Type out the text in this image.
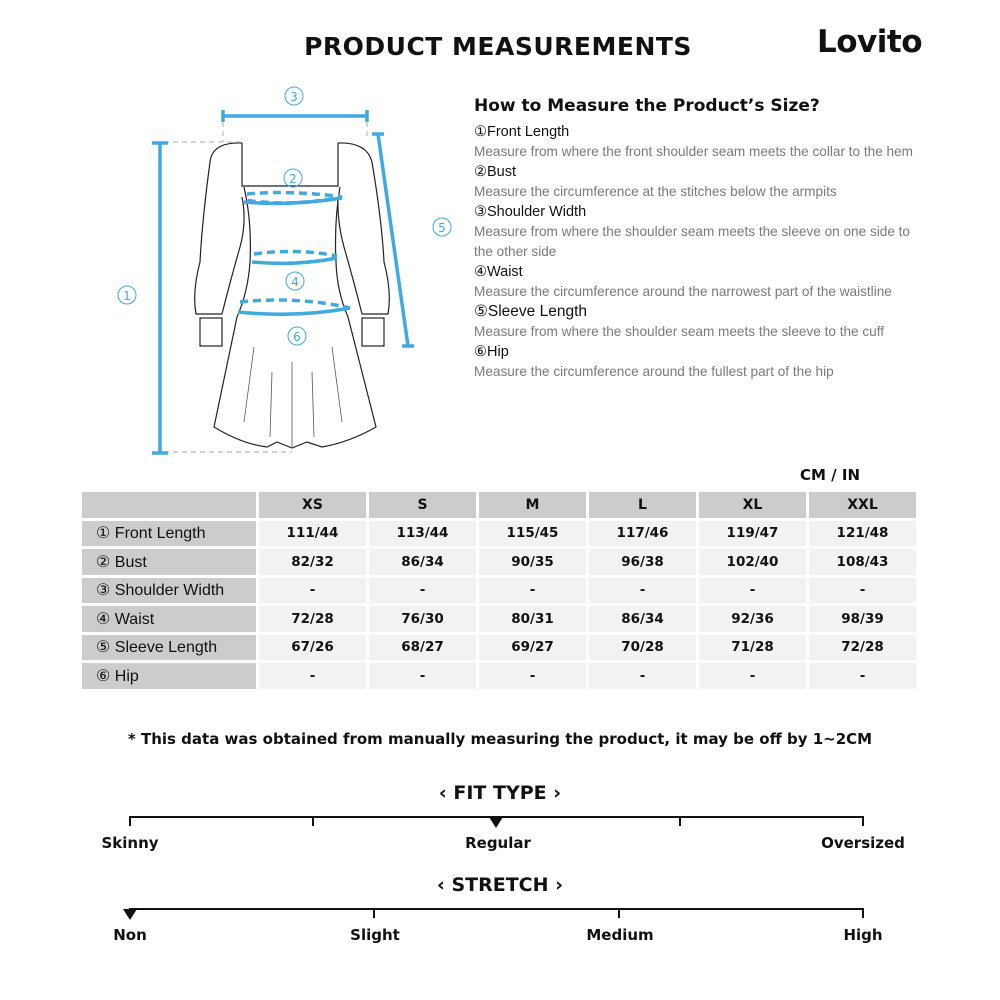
PRODUCT MEASUREMENTS	Lovito
1
2
3
4
5
6
How to Measure the Product’s Size?
①Front Length
Measure from where the front shoulder seam meets the collar to the hem
②Bust
Measure the circumference at the stitches below the armpits
③Shoulder Width
Measure from where the shoulder seam meets the sleeve on one side to the other side
④Waist
Measure the circumference around the narrowest part of the waistline
⑤Sleeve Length
Measure from where the shoulder seam meets the sleeve to the cuff
⑥Hip
Measure the circumference around the fullest part of the hip
CM / IN
	XS	S	M	L	XL	XXL
① Front Length	111/44	113/44	115/45	117/46	119/47	121/48
② Bust	82/32	86/34	90/35	96/38	102/40	108/43
③ Shoulder Width	-	-	-	-	-	-
④ Waist	72/28	76/30	80/31	86/34	92/36	98/39
⑤ Sleeve Length	67/26	68/27	69/27	70/28	71/28	72/28
⑥ Hip	-	-	-	-	-	-
* This data was obtained from manually measuring the product, it may be off by 1~2CM
‹ FIT TYPE ›
Skinny	Regular	Oversized
‹ STRETCH ›
Non	Slight	Medium	High
